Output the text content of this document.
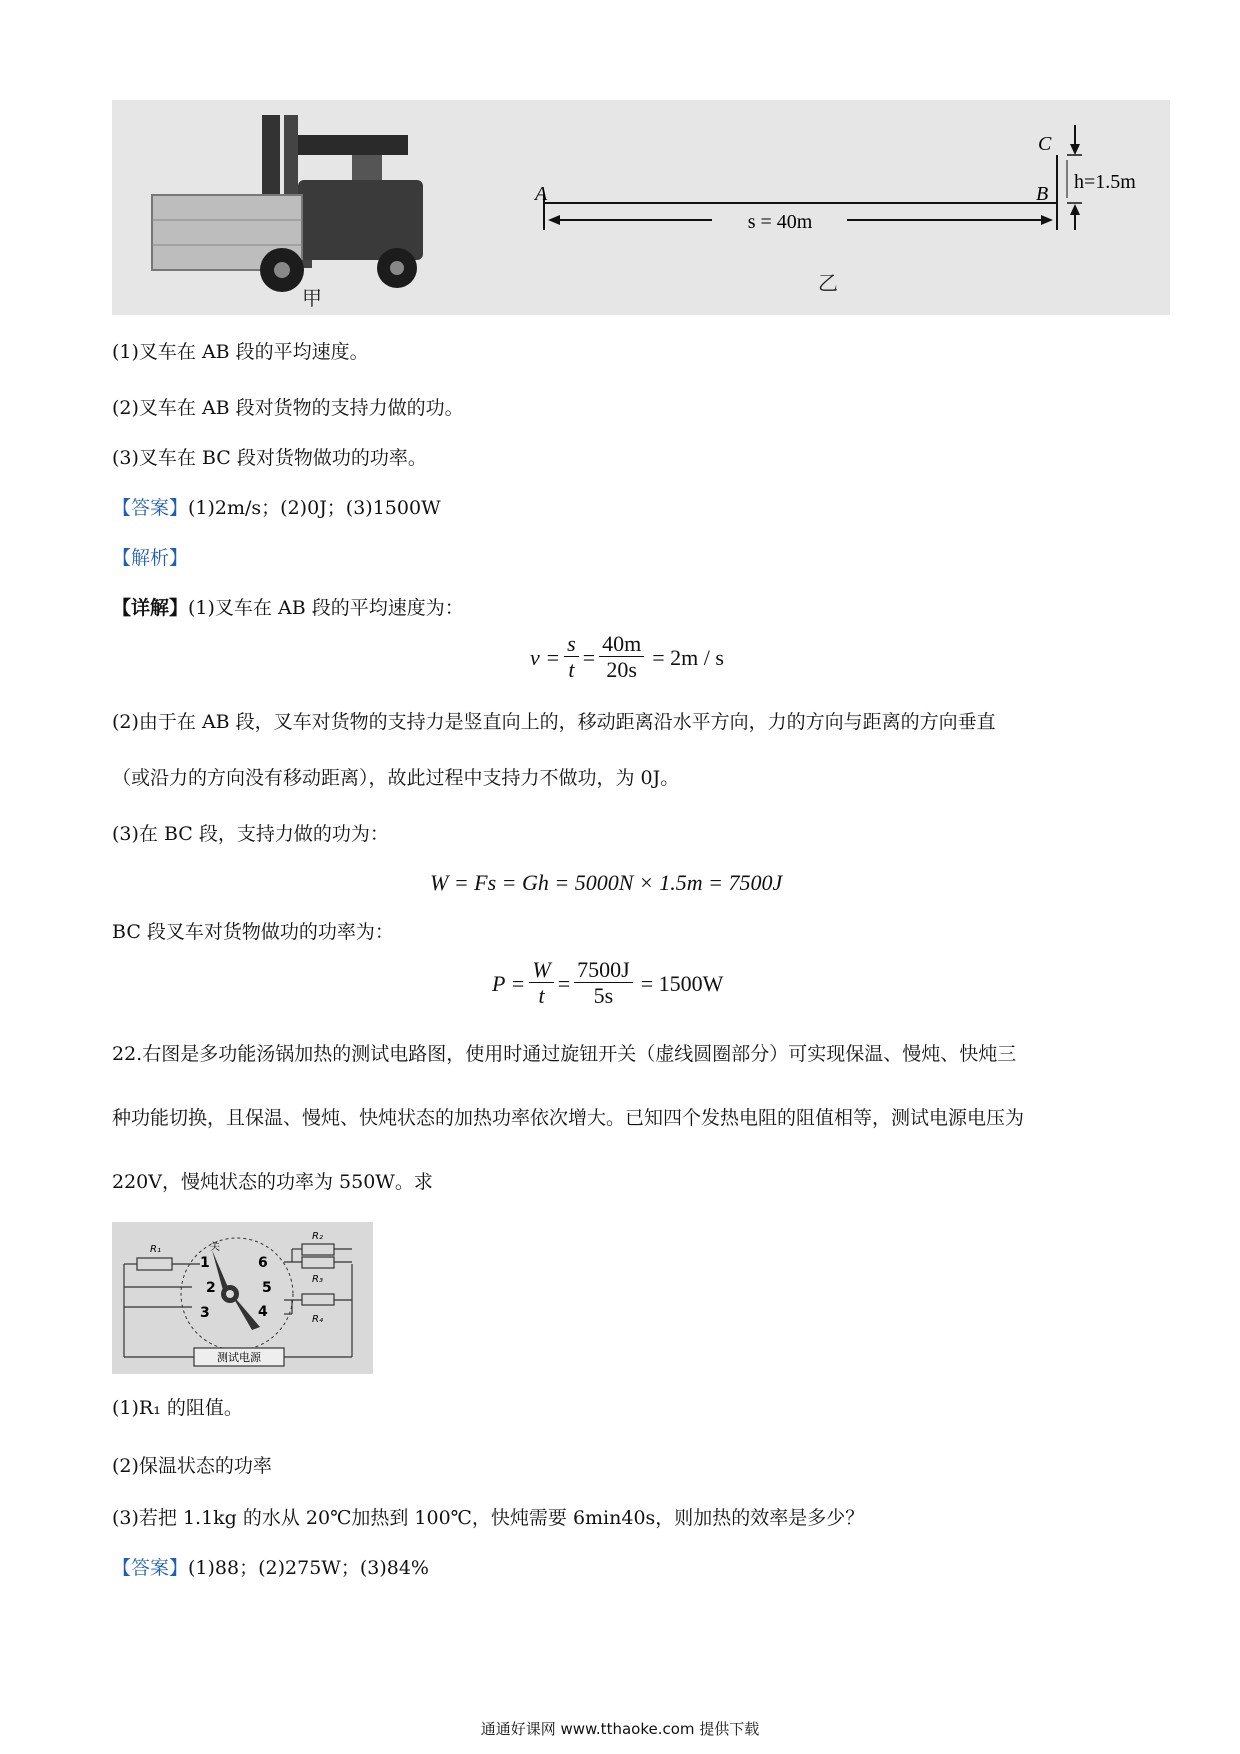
甲
A	B
C
s = 40m
h=1.5m
乙
(1)叉车在 AB 段的平均速度。
(2)叉车在 AB 段对货物的支持力做的功。
(3)叉车在 BC 段对货物做功的功率。
【答案】(1)2m/s；(2)0J；(3)1500W
【解析】
【详解】(1)叉车在 AB 段的平均速度为：
$v = \frac{s}{t} = \frac{40m}{20s} = 2m / s$
(2)由于在 AB 段，叉车对货物的支持力是竖直向上的，移动距离沿水平方向，力的方向与距离的方向垂直
（或沿力的方向没有移动距离），故此过程中支持力不做功，为 0J。
(3)在 BC 段，支持力做的功为：
W = Fs = Gh = 5000N × 1.5m = 7500J
BC 段叉车对货物做功的功率为：
$P = \frac{W}{t} = \frac{7500J}{5s} = 1500W$
22.右图是多功能汤锅加热的测试电路图，使用时通过旋钮开关（虚线圆圈部分）可实现保温、慢炖、快炖三
种功能切换，且保温、慢炖、快炖状态的加热功率依次增大。已知四个发热电阻的阻值相等，测试电源电压为
220V，慢炖状态的功率为 550W。求
R₁
R₂
R₃
R₄
1
关
2
3	4
5
6
测试电源
(1)R₁ 的阻值。
(2)保温状态的功率
(3)若把 1.1kg 的水从 20℃加热到 100℃，快炖需要 6min40s，则加热的效率是多少？
【答案】(1)88；(2)275W；(3)84%
通通好课网 www.tthaoke.com 提供下载
